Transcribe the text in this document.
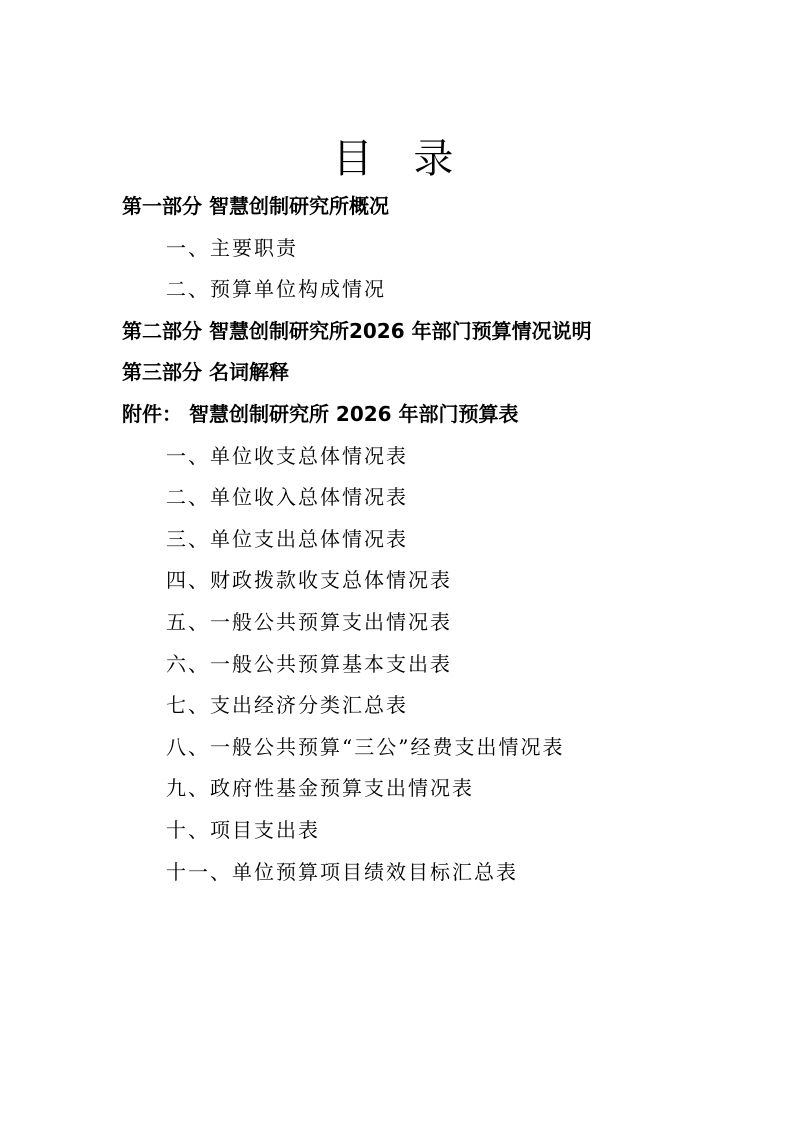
目 录
第一部分 智慧创制研究所概况
一、主要职责
二、预算单位构成情况
第二部分 智慧创制研究所2026 年部门预算情况说明
第三部分 名词解释
附件： 智慧创制研究所 2026 年部门预算表
一、单位收支总体情况表
二、单位收入总体情况表
三、单位支出总体情况表
四、财政拨款收支总体情况表
五、一般公共预算支出情况表
六、一般公共预算基本支出表
七、支出经济分类汇总表
八、一般公共预算“三公”经费支出情况表
九、政府性基金预算支出情况表
十、项目支出表
十一、单位预算项目绩效目标汇总表
